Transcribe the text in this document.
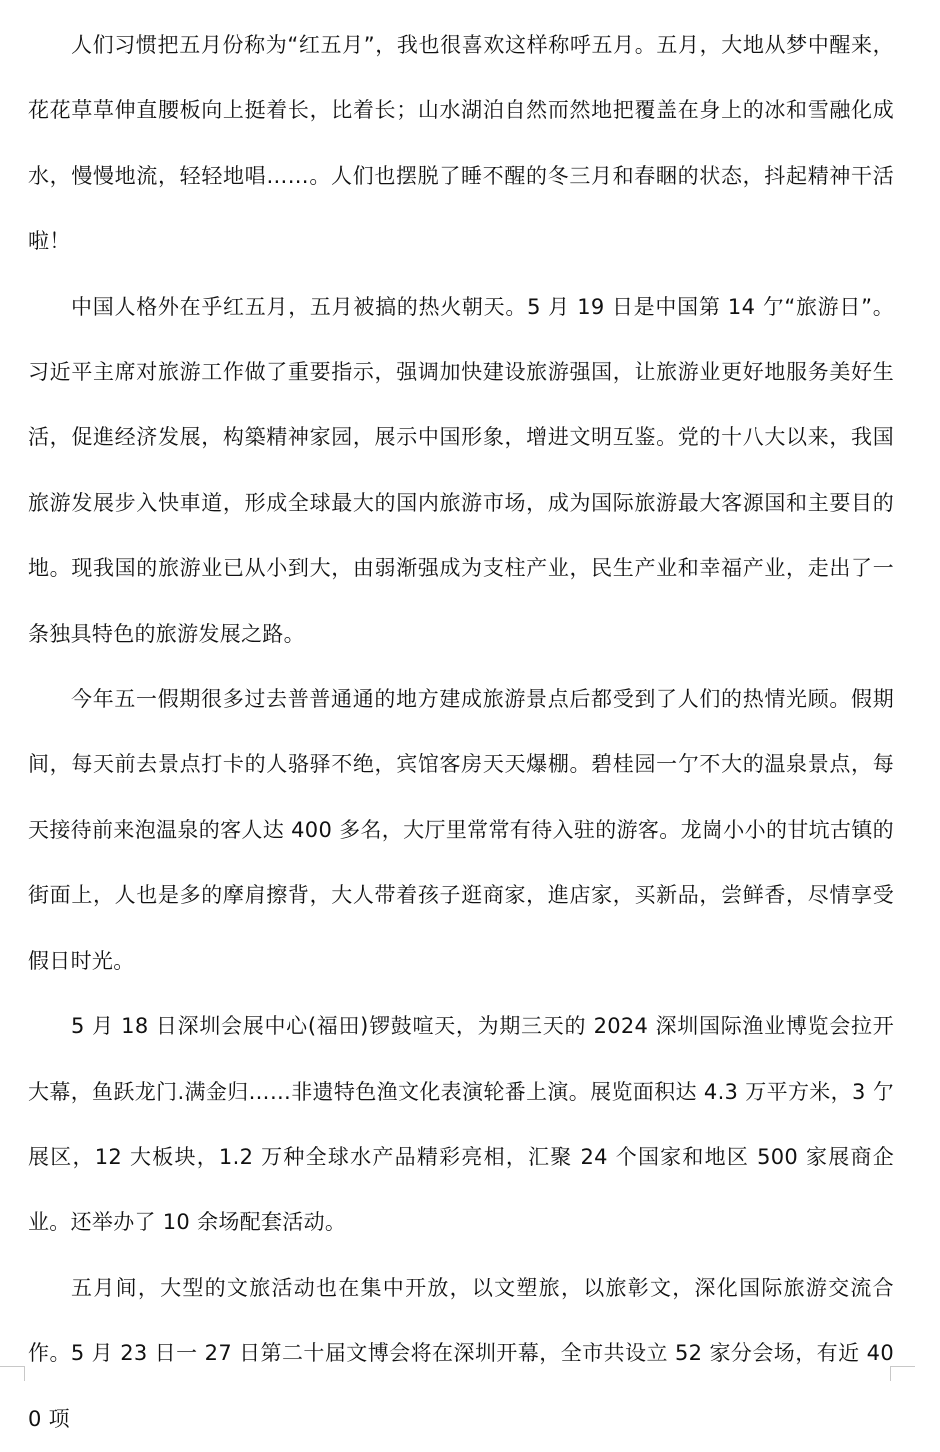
人们习惯把五月份称为“红五月”，我也很喜欢这样称呼五月。五月，大地从梦中醒来，花花草草伸直腰板向上挺着长，比着长；山水湖泊自然而然地把覆盖在身上的冰和雪融化成水，慢慢地流，轻轻地唱……。人们也摆脱了睡不醒的冬三月和春睏的状态，抖起精神干活啦！

中国人格外在乎红五月，五月被搞的热火朝天。5 月 19 日是中国第 14 亇“旅游日”。习近平主席对旅游工作做了重要指示，强调加快建设旅游强国，让旅游业更好地服务美好生活，促進经济发展，构築精神家园，展示中国形象，增进文明互鉴。党的十八大以来，我国旅游发展步入快車道，形成全球最大的国内旅游市场，成为国际旅游最大客源国和主要目的地。现我国的旅游业已从小到大，由弱渐强成为支柱产业，民生产业和幸福产业，走出了一条独具特色的旅游发展之路。

今年五一假期很多过去普普通通的地方建成旅游景点后都受到了人们的热情光顾。假期间，每天前去景点打卡的人骆驿不绝，宾馆客房天天爆棚。碧桂园一亇不大的温泉景点，每天接待前来泡温泉的客人达 400 多名，大厅里常常有待入驻的游客。龙崗小小的甘坑古镇的街面上，人也是多的摩肩擦背，大人带着孩子逛商家，進店家，买新品，尝鲜香，尽情享受假日时光。

5 月 18 日深圳会展中心(福田)锣鼓喧天，为期三天的 2024 深圳国际渔业博览会拉开大幕，鱼跃龙门.满金归……非遗特色渔文化表演轮番上演。展览面积达 4.3 万平方米，3 亇展区，12 大板块，1.2 万种全球水产品精彩亮相，汇聚 24 个国家和地区 500 家展商企业。还举办了 10 余场配套活动。

五月间，大型的文旅活动也在集中开放，以文塑旅，以旅彰文，深化国际旅游交流合作。5 月 23 日一 27 日第二十届文博会将在深圳开幕，全市共设立 52 家分会场，有近 400 项
